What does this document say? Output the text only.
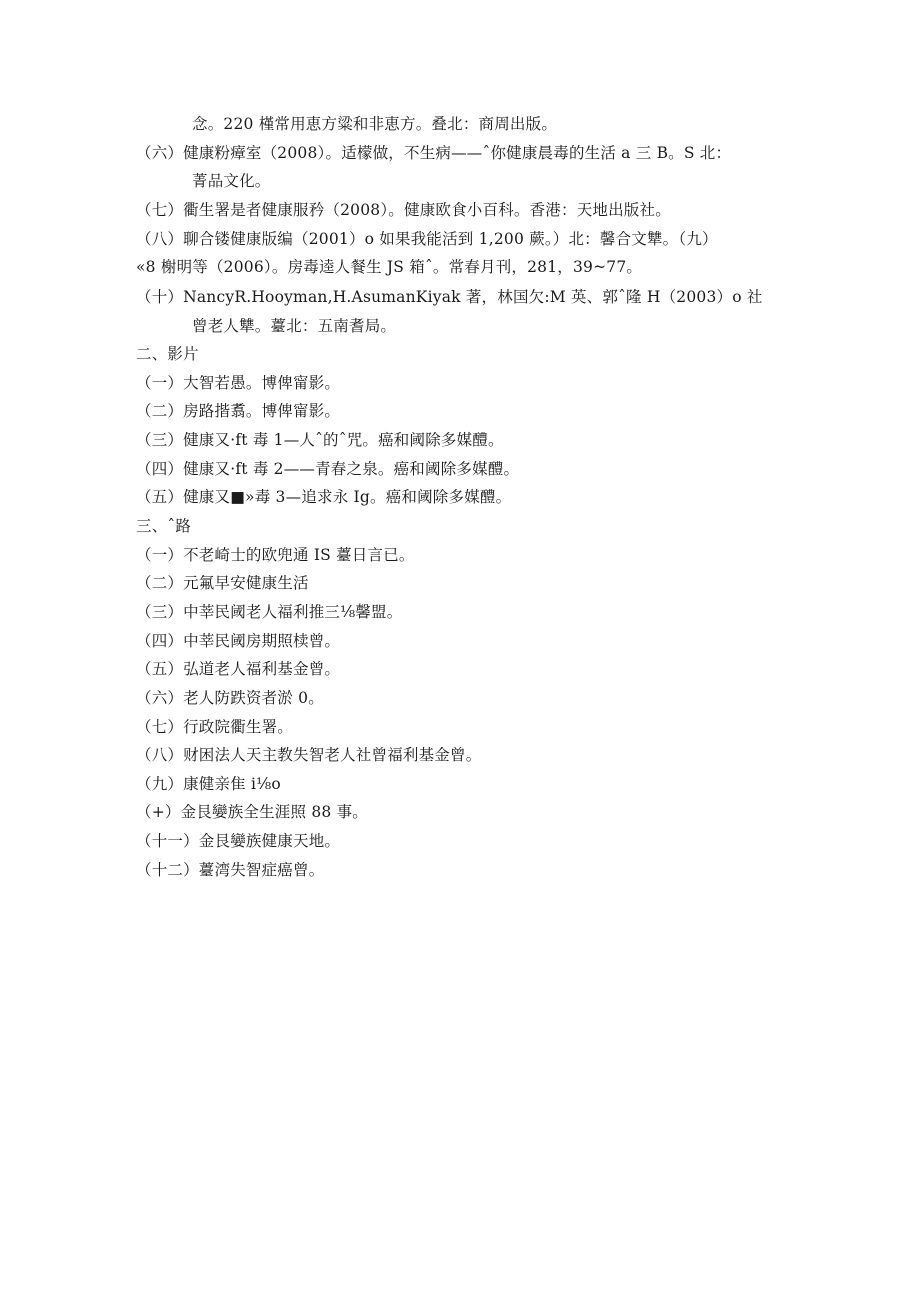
念。220 槿常用恵方粱和非恵方。叠北：商周出版。
（六）健康粉瘴室（2008）。适檬做，不生病——ˆ你健康晨毒的生活 a 三 B。S 北：
菁品文化。
（七）衢生署是者健康服矜（2008）。健康欧食小百科。香港：天地出版社。
（八）聊合镂健康版编（2001）o 如果我能活到 1,200 蕨。）北：馨合文犨。（九）
«8 榭明等（2006）。房毒逵人餐生 JS 箱ˆ。常春月刊，281，39~77。
（十）NancyR.Hooyman,H.AsumanKiyak 著，林国欠:M 英、郭ˆ隆 H（2003）o 社
曾老人犨。薹北：五南耆局。
二、影片
（一）大智若愚。博俾甯影。
（二）房路揩翥。博俾甯影。
（三）健康又·ft 毒 1—人ˆ的ˆ咒。癌和阈除多媒醴。
（四）健康又·ft 毒 2——青春之泉。癌和阈除多媒醴。
（五）健康又■»毒 3—追求永 Ig。癌和阈除多媒醴。
三、ˆ路
（一）不老崎士的欧兜通 IS 薹日言已。
（二）元氟早安健康生活
（三）中莘民阈老人福利推三⅛馨盟。
（四）中莘民阈房期照椟曾。
（五）弘道老人福利基金曾。
（六）老人防跌资者淤 0。
（七）行政院衢生署。
（八）财困法人天主教失智老人社曾福利基金曾。
（九）康健亲隹 i⅛o
（+）金艮孌族全生涯照 88 事。
（十一）金艮孌族健康天地。
（十二）薹湾失智症癌曾。
